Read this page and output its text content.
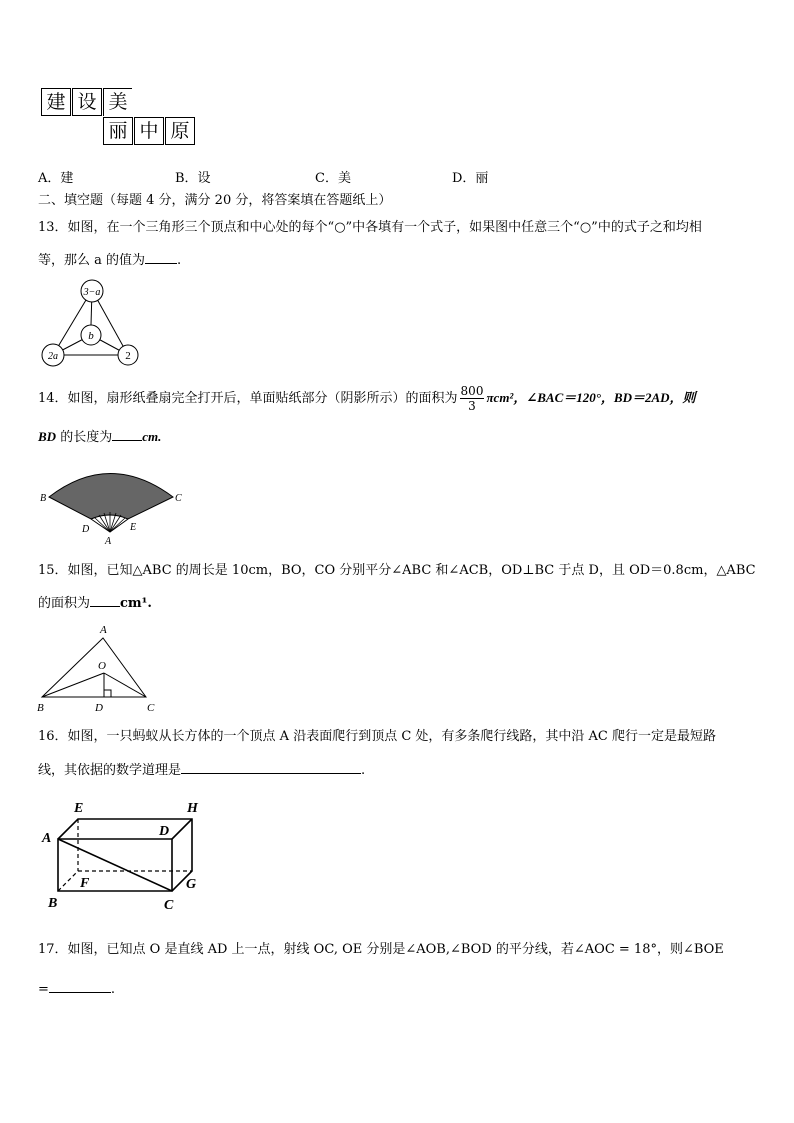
建 设 美
丽 中 原
A．建	B．设	C．美	D．丽
二、填空题（每题 4 分，满分 20 分，将答案填在答题纸上）
13．如图，在一个三角形三个顶点和中心处的每个“○”中各填有一个式子，如果图中任意三个“○”中的式子之和均相
等，那么 a 的值为 .
3−a
b
2a	2
14．如图，扇形纸叠扇完全打开后，单面贴纸部分（阴影所示）的面积为 $\frac{800}{3} \pi cm^2$，∠BAC＝120°，BD＝2AD，则
BD 的长度为 cm.
B	C
D	E
A
15．如图，已知△ABC 的周长是 10cm，BO，CO 分别平分∠ABC 和∠ACB，OD⊥BC 于点 D，且 OD＝0.8cm，△ABC
的面积为 cm¹.
A
O
B	D	C
16．如图，一只蚂蚁从长方体的一个顶点 A 沿表面爬行到顶点 C 处，有多条爬行线路，其中沿 AC 爬行一定是最短路
线，其依据的数学道理是	.
E	H
A	D
F	G
B	C
17．如图，已知点 O 是直线 AD 上一点，射线 OC, OE 分别是∠AOB,∠BOD 的平分线，若∠AOC = 18°，则∠BOE
=	.
